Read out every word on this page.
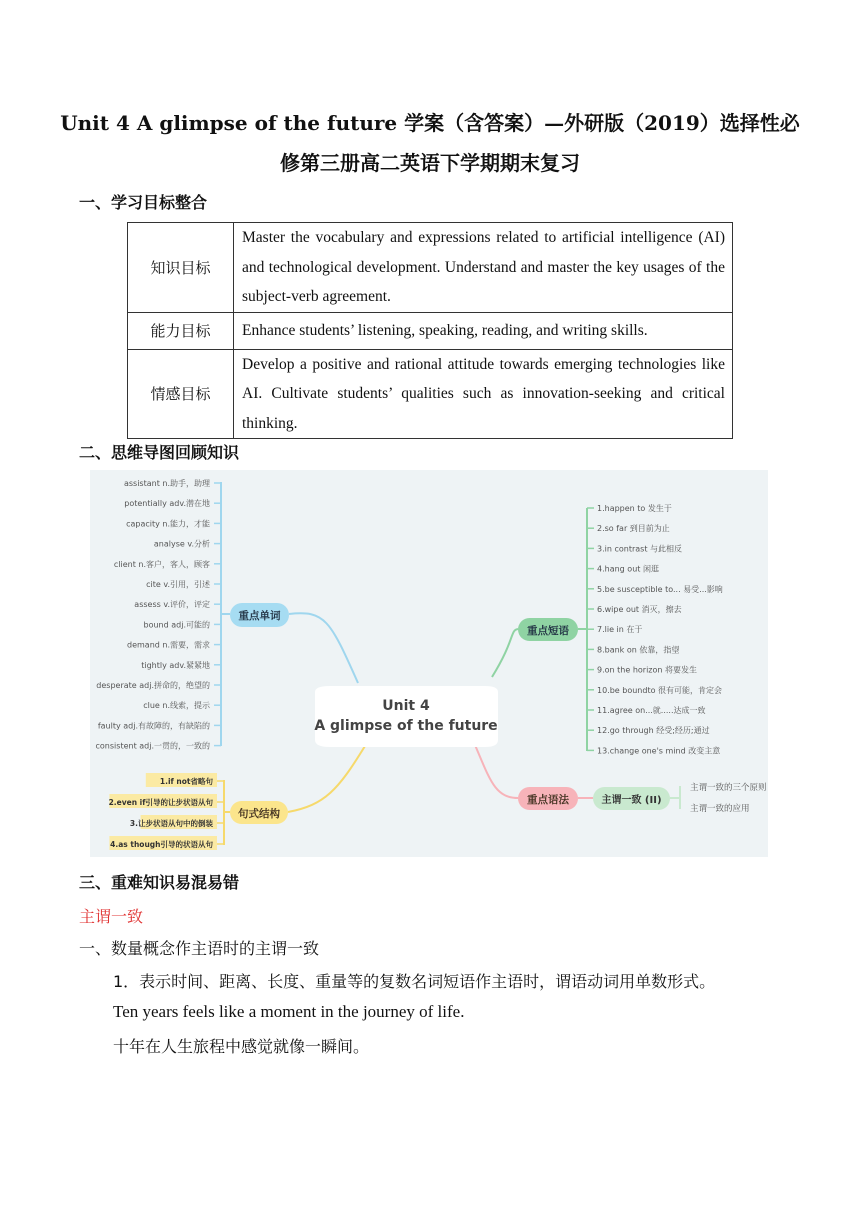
Unit 4 A glimpse of the future 学案（含答案）—外研版（2019）选择性必
修第三册高二英语下学期期末复习
一、学习目标整合
知识目标	Master the vocabulary and expressions related to artificial intelligence (AI) and technological development. Understand and master the key usages of the subject-verb agreement.
能力目标	Enhance students’ listening, speaking, reading, and writing skills.
情感目标	Develop a positive and rational attitude towards emerging technologies like AI. Cultivate students’ qualities such as innovation-seeking and critical thinking.
二、思维导图回顾知识
Unit 4
A glimpse of the future
重点单词
重点短语
句式结构
重点语法	主谓一致 (II)
主谓一致的三个原则
主谓一致的应用
assistant n.助手，助理
potentially adv.潜在地
capacity n.能力，才能
analyse v.分析
client n.客户，客人，顾客
cite v.引用，引述
assess v.评价，评定
bound adj.可能的
demand n.需要，需求
tightly adv.紧紧地
desperate adj.拼命的，绝望的
clue n.线索，提示
faulty adj.有故障的，有缺陷的
consistent adj.一贯的，一致的
1.happen to 发生于
2.so far 到目前为止
3.in contrast 与此相反
4.hang out 闲逛
5.be susceptible to... 易受...影响
6.wipe out 消灭，擦去
7.lie in 在于
8.bank on 依靠，指望
9.on the horizon 将要发生
10.be boundto 很有可能，肯定会
11.agree on...就.....达成一致
12.go through 经受;经历;通过
13.change one's mind 改变主意
1.if not省略句
2.even if引导的让步状语从句
3.让步状语从句中的倒装
4.as though引导的状语从句
三、重难知识易混易错
主谓一致
一、数量概念作主语时的主谓一致
1．表示时间、距离、长度、重量等的复数名词短语作主语时，谓语动词用单数形式。
Ten years feels like a moment in the journey of life.
十年在人生旅程中感觉就像一瞬间。
